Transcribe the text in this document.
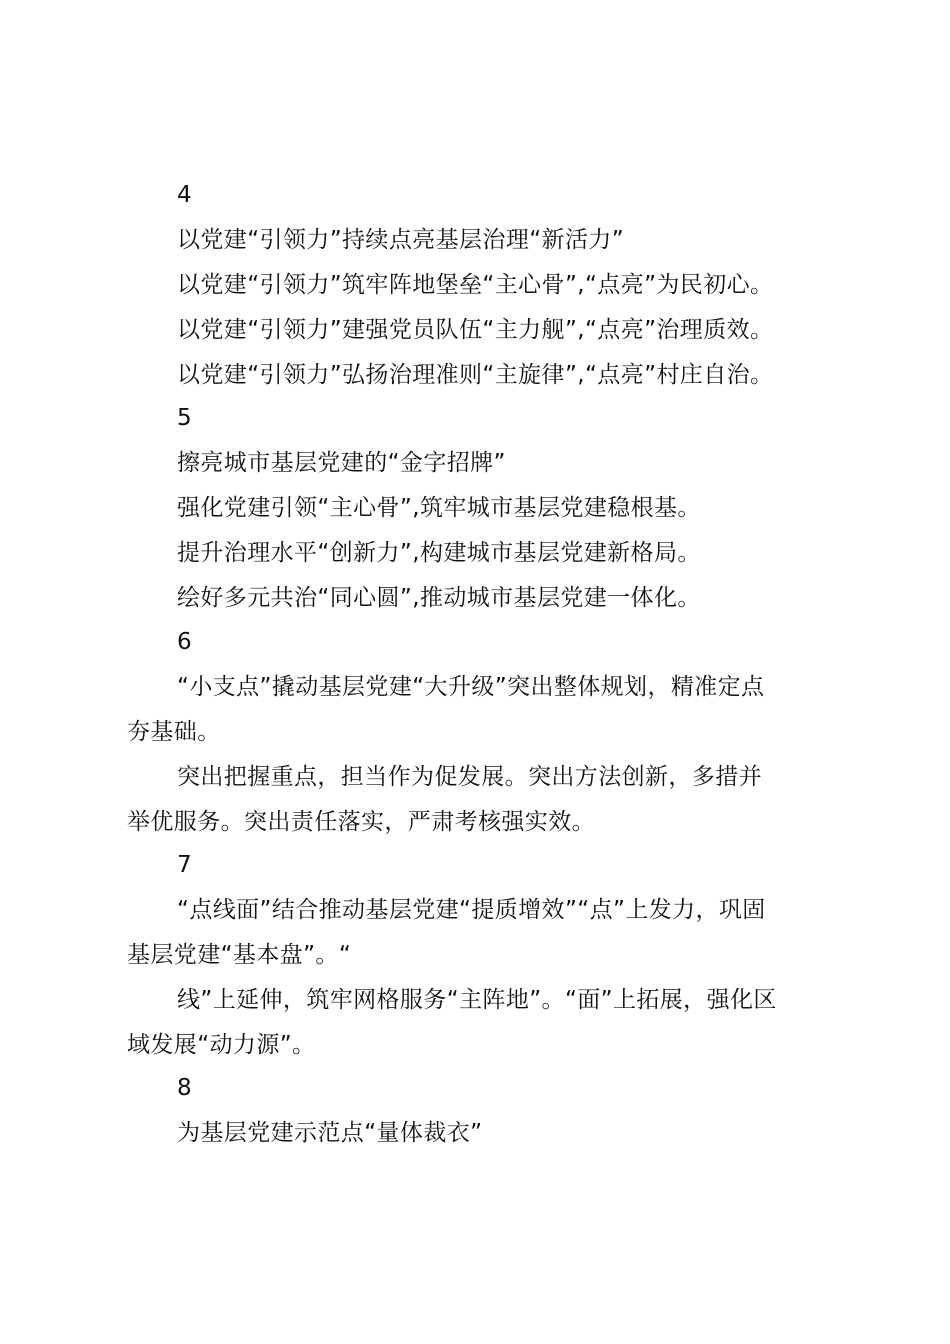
4
以党建“引领力”持续点亮基层治理“新活力”
以党建“引领力”筑牢阵地堡垒“主心骨”,“点亮”为民初心。
以党建“引领力”建强党员队伍“主力舰”,“点亮”治理质效。
以党建“引领力”弘扬治理准则“主旋律”,“点亮”村庄自治。
5
擦亮城市基层党建的“金字招牌”
强化党建引领“主心骨”,筑牢城市基层党建稳根基。
提升治理水平“创新力”,构建城市基层党建新格局。
绘好多元共治“同心圆”,推动城市基层党建一体化。
6
“小支点”撬动基层党建“大升级”突出整体规划，精准定点
夯基础。
突出把握重点，担当作为促发展。突出方法创新，多措并
举优服务。突出责任落实，严肃考核强实效。
7
“点线面”结合推动基层党建“提质增效”“点”上发力，巩固
基层党建“基本盘”。“
线”上延伸，筑牢网格服务“主阵地”。“面”上拓展，强化区
域发展“动力源”。
8
为基层党建示范点“量体裁衣”
